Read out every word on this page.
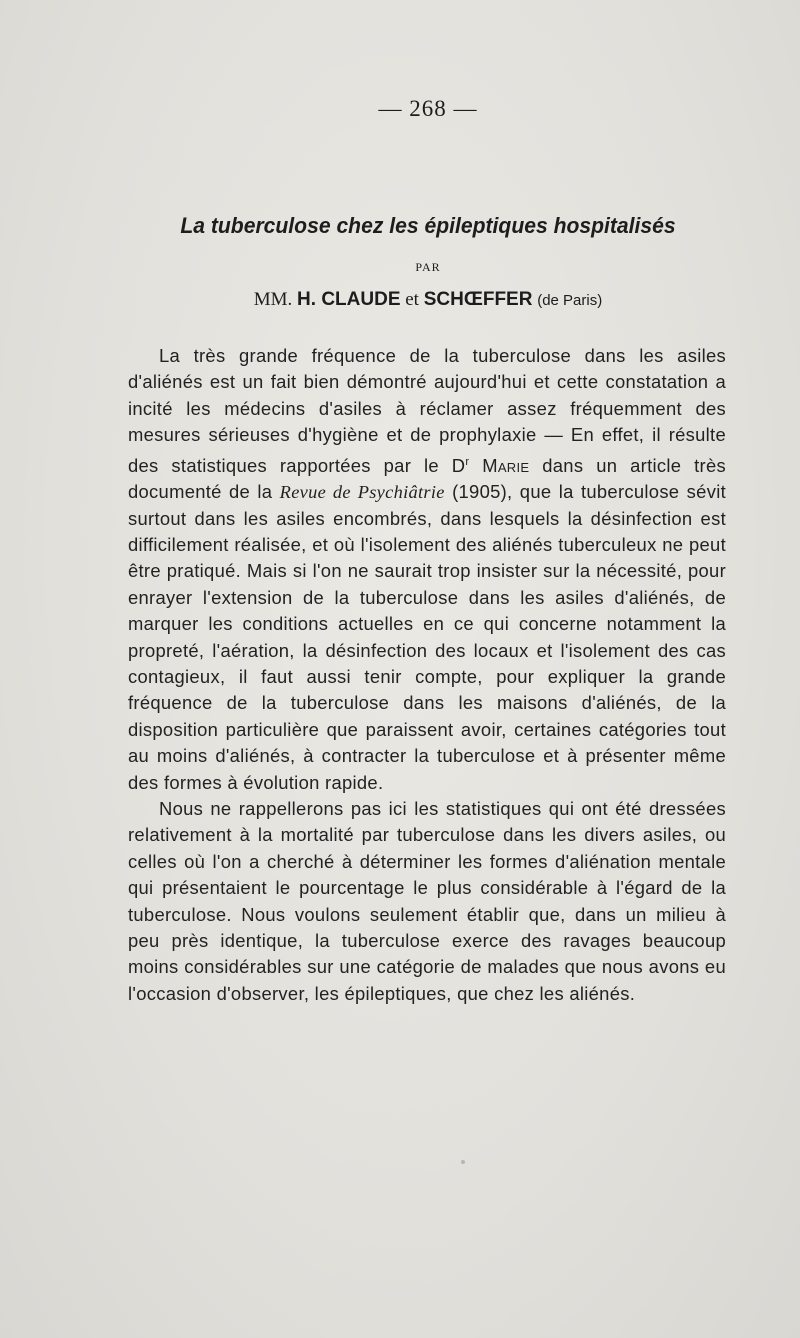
— 268 —
La tuberculose chez les épileptiques hospitalisés
PAR
MM. H. CLAUDE et SCHŒFFER (de Paris)

La très grande fréquence de la tuberculose dans les asiles d'aliénés est un fait bien démontré aujourd'hui et cette constatation a incité les médecins d'asiles à réclamer assez fréquemment des mesures sérieuses d'hygiène et de prophylaxie — En effet, il résulte des statistiques rapportées par le $D^r$ Marie dans un article très documenté de la Revue de Psychiâtrie (1905), que la tuberculose sévit surtout dans les asiles encombrés, dans lesquels la désinfection est difficilement réalisée, et où l'isolement des aliénés tuberculeux ne peut être pratiqué. Mais si l'on ne saurait trop insister sur la nécessité, pour enrayer l'extension de la tuberculose dans les asiles d'aliénés, de marquer les conditions actuelles en ce qui concerne notamment la propreté, l'aération, la désinfection des locaux et l'isolement des cas contagieux, il faut aussi tenir compte, pour expliquer la grande fréquence de la tuberculose dans les maisons d'aliénés, de la disposition particulière que paraissent avoir, certaines catégories tout au moins d'aliénés, à contracter la tuberculose et à présenter même des formes à évolution rapide.

Nous ne rappellerons pas ici les statistiques qui ont été dressées relativement à la mortalité par tuberculose dans les divers asiles, ou celles où l'on a cherché à déterminer les formes d'aliénation mentale qui présentaient le pourcentage le plus considérable à l'égard de la tuberculose. Nous voulons seulement établir que, dans un milieu à peu près identique, la tuberculose exerce des ravages beaucoup moins considérables sur une catégorie de malades que nous avons eu l'occasion d'observer, les épileptiques, que chez les aliénés.
